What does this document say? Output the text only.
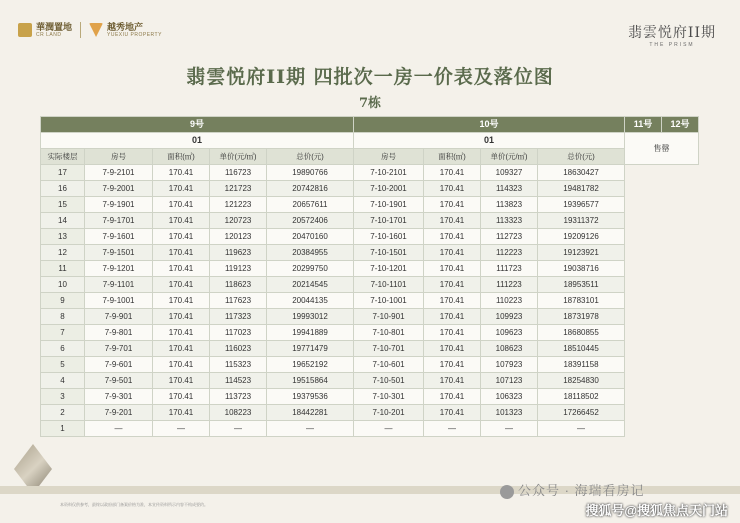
華潤置地
CR LAND
越秀地产
YUEXIU PROPERTY	翡雲悦府II期
THE PRISM
翡雲悦府II期 四批次一房一价表及落位图
7栋
9号					10号				11号	12号
01					01				售罄	
实际楼层	房号	面积(㎡)	单价(元/㎡)	总价(元)	房号	面积(㎡)	单价(元/㎡)	总价(元)		
17	7-9-2101	170.41	116723	19890766	7-10-2101	170.41	109327	18630427		
16	7-9-2001	170.41	121723	20742816	7-10-2001	170.41	114323	19481782		
15	7-9-1901	170.41	121223	20657611	7-10-1901	170.41	113823	19396577		
14	7-9-1701	170.41	120723	20572406	7-10-1701	170.41	113323	19311372		
13	7-9-1601	170.41	120123	20470160	7-10-1601	170.41	112723	19209126		
12	7-9-1501	170.41	119623	20384955	7-10-1501	170.41	112223	19123921		
11	7-9-1201	170.41	119123	20299750	7-10-1201	170.41	111723	19038716		
10	7-9-1101	170.41	118623	20214545	7-10-1101	170.41	111223	18953511		
9	7-9-1001	170.41	117623	20044135	7-10-1001	170.41	110223	18783101		
8	7-9-901	170.41	117323	19993012	7-10-901	170.41	109923	18731978		
7	7-9-801	170.41	117023	19941889	7-10-801	170.41	109623	18680855		
6	7-9-701	170.41	116023	19771479	7-10-701	170.41	108623	18510445		
5	7-9-601	170.41	115323	19652192	7-10-601	170.41	107923	18391158		
4	7-9-501	170.41	114523	19515864	7-10-501	170.41	107123	18254830		
3	7-9-301	170.41	113723	19379536	7-10-301	170.41	106323	18118502		
2	7-9-201	170.41	108223	18442281	7-10-201	170.41	101323	17266452		
1	—	—	—	—	—	—	—	—		
本资料仅供参考，最终以政府部门备案价格为准，本宣传资料所示内容不构成要约。
公众号 · 海瑞看房记
搜狐号@搜狐焦点天门站
